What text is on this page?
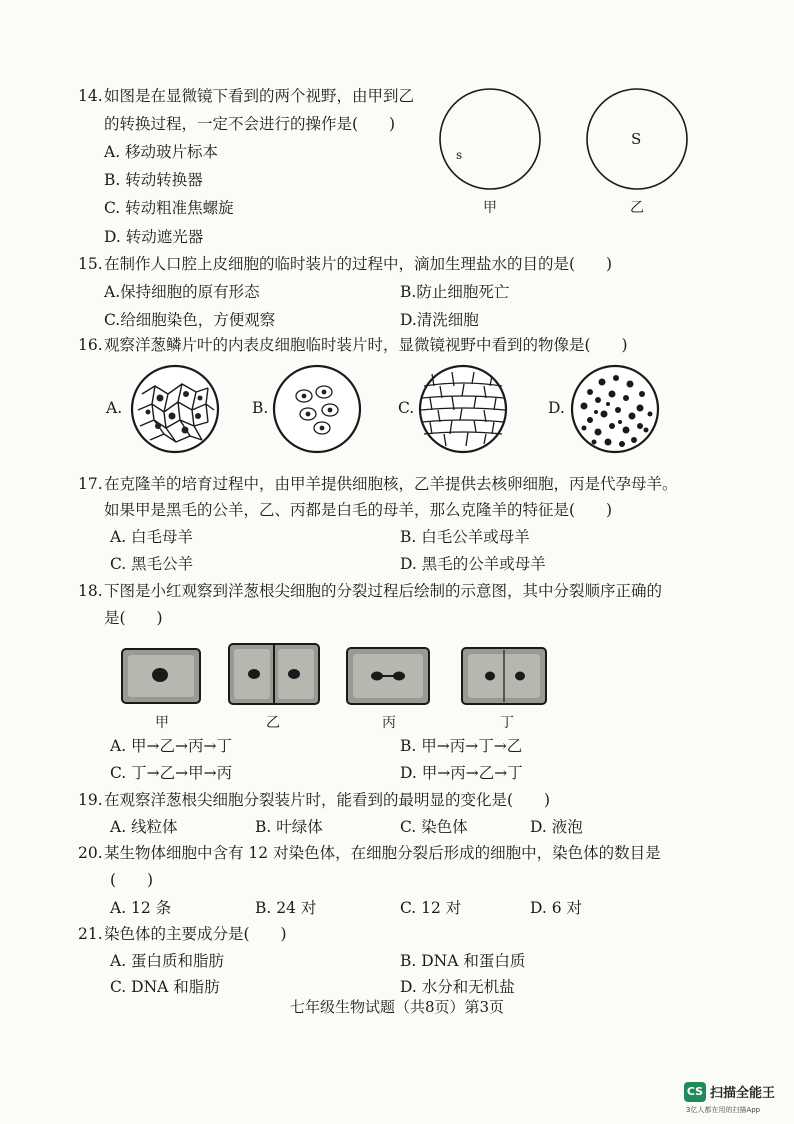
14. 如图是在显微镜下看到的两个视野，由甲到乙
的转换过程，一定不会进行的操作是(　　)
A. 移动玻片标本
B. 转动转换器
C. 转动粗准焦螺旋
D. 转动遮光器
s
S
甲	乙
15. 在制作人口腔上皮细胞的临时装片的过程中，滴加生理盐水的目的是(　　)
A.保持细胞的原有形态	B.防止细胞死亡
C.给细胞染色，方便观察	D.清洗细胞
16. 观察洋葱鳞片叶的内表皮细胞临时装片时，显微镜视野中看到的物像是(　　)
A.	B.	C.	D.
17. 在克隆羊的培育过程中，由甲羊提供细胞核，乙羊提供去核卵细胞，丙是代孕母羊。
如果甲是黑毛的公羊，乙、丙都是白毛的母羊，那么克隆羊的特征是(　　)
A. 白毛母羊	B. 白毛公羊或母羊
C. 黑毛公羊	D. 黑毛的公羊或母羊
18. 下图是小红观察到洋葱根尖细胞的分裂过程后绘制的示意图，其中分裂顺序正确的
是(　　)
甲	乙	丙	丁
A. 甲→乙→丙→丁	B. 甲→丙→丁→乙
C. 丁→乙→甲→丙	D. 甲→丙→乙→丁
19. 在观察洋葱根尖细胞分裂装片时，能看到的最明显的变化是(　　)
A. 线粒体	B. 叶绿体	C. 染色体	D. 液泡
20. 某生物体细胞中含有 12 对染色体，在细胞分裂后形成的细胞中，染色体的数目是
(　　)
A. 12 条	B. 24 对	C. 12 对	D. 6 对
21. 染色体的主要成分是(　　)
A. 蛋白质和脂肪	B. DNA 和蛋白质
C. DNA 和脂肪	D. 水分和无机盐
七年级生物试题（共8页）第3页
CS 扫描全能王
3亿人都在用的扫描App
